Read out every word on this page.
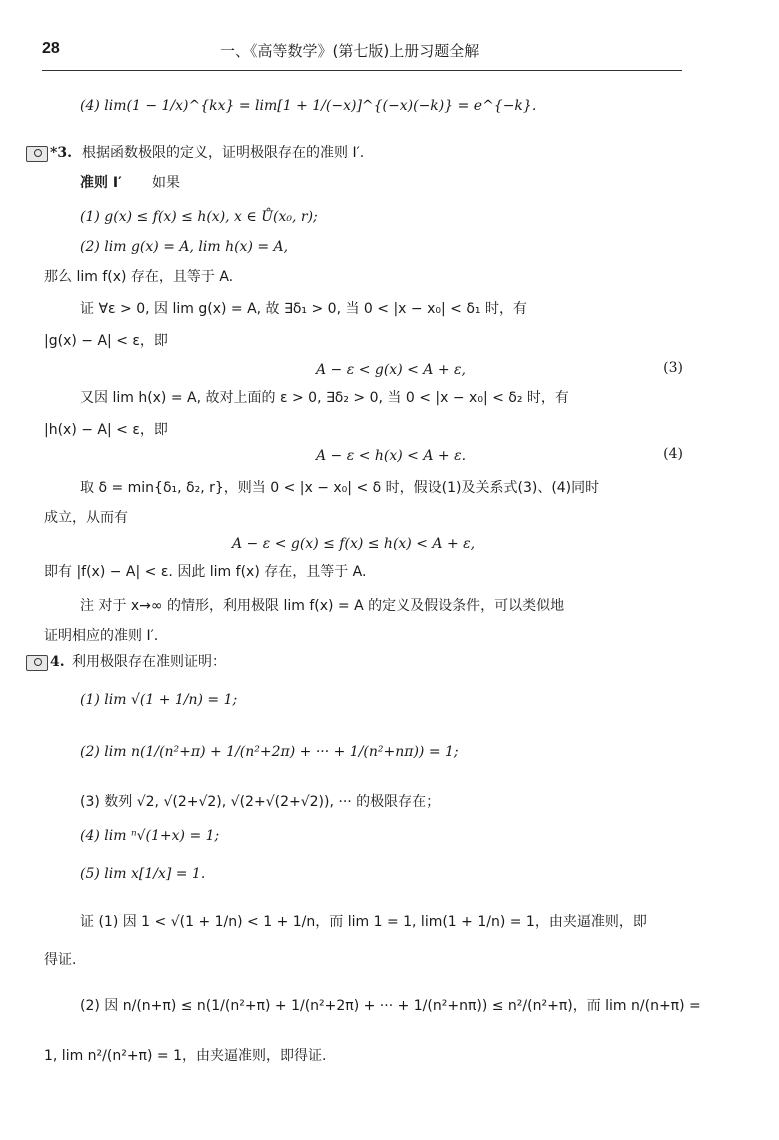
28	一、《高等数学》(第七版)上册习题全解
(4) lim(1 − 1/x)^{kx} = lim[1 + 1/(−x)]^{(−x)(−k)} = e^{−k}.
*3. 根据函数极限的定义，证明极限存在的准则 I′.
准则 I′ 如果
(1) g(x) ≤ f(x) ≤ h(x), x ∈ Ů(x₀, r);
(2) lim g(x) = A, lim h(x) = A,
那么 lim f(x) 存在，且等于 A.
证 ∀ε > 0, 因 lim g(x) = A, 故 ∃δ₁ > 0, 当 0 < |x − x₀| < δ₁ 时，有
|g(x) − A| < ε，即
A − ε < g(x) < A + ε,	(3)
又因 lim h(x) = A, 故对上面的 ε > 0, ∃δ₂ > 0, 当 0 < |x − x₀| < δ₂ 时，有
|h(x) − A| < ε，即
A − ε < h(x) < A + ε.	(4)
取 δ = min{δ₁, δ₂, r}，则当 0 < |x − x₀| < δ 时，假设(1)及关系式(3)、(4)同时
成立，从而有
A − ε < g(x) ≤ f(x) ≤ h(x) < A + ε,
即有 |f(x) − A| < ε. 因此 lim f(x) 存在，且等于 A.
注 对于 x→∞ 的情形，利用极限 lim f(x) = A 的定义及假设条件，可以类似地
证明相应的准则 I′.
4. 利用极限存在准则证明：
(1) lim √(1 + 1/n) = 1;
(2) lim n(1/(n²+π) + 1/(n²+2π) + ··· + 1/(n²+nπ)) = 1;
(3) 数列 √2, √(2+√2), √(2+√(2+√2)), ··· 的极限存在；
(4) lim ⁿ√(1+x) = 1;
(5) lim x[1/x] = 1.
证 (1) 因 1 < √(1 + 1/n) < 1 + 1/n，而 lim 1 = 1, lim(1 + 1/n) = 1，由夹逼准则，即
得证.
(2) 因 n/(n+π) ≤ n(1/(n²+π) + 1/(n²+2π) + ··· + 1/(n²+nπ)) ≤ n²/(n²+π)，而 lim n/(n+π) =
1, lim n²/(n²+π) = 1，由夹逼准则，即得证.
